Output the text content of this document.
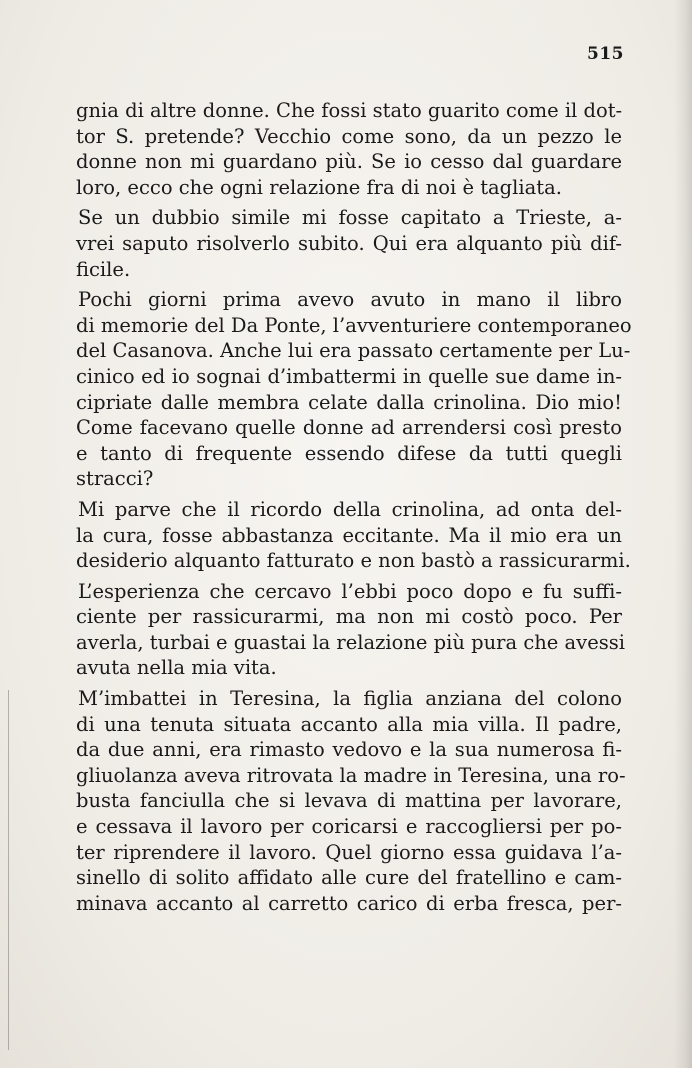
515
gnia di altre donne. Che fossi stato guarito come il dot-
tor S. pretende? Vecchio come sono, da un pezzo le
donne non mi guardano più. Se io cesso dal guardare
loro, ecco che ogni relazione fra di noi è tagliata.
Se un dubbio simile mi fosse capitato a Trieste, a-
vrei saputo risolverlo subito. Qui era alquanto più dif-
ficile.
Pochi giorni prima avevo avuto in mano il libro
di memorie del Da Ponte, l’avventuriere contemporaneo
del Casanova. Anche lui era passato certamente per Lu-
cinico ed io sognai d’imbattermi in quelle sue dame in-
cipriate dalle membra celate dalla crinolina. Dio mio!
Come facevano quelle donne ad arrendersi così presto
e tanto di frequente essendo difese da tutti quegli
stracci?
Mi parve che il ricordo della crinolina, ad onta del-
la cura, fosse abbastanza eccitante. Ma il mio era un
desiderio alquanto fatturato e non bastò a rassicurarmi.
L’esperienza che cercavo l’ebbi poco dopo e fu suffi-
ciente per rassicurarmi, ma non mi costò poco. Per
averla, turbai e guastai la relazione più pura che avessi
avuta nella mia vita.
M’imbattei in Teresina, la figlia anziana del colono
di una tenuta situata accanto alla mia villa. Il padre,
da due anni, era rimasto vedovo e la sua numerosa fi-
gliuolanza aveva ritrovata la madre in Teresina, una ro-
busta fanciulla che si levava di mattina per lavorare,
e cessava il lavoro per coricarsi e raccogliersi per po-
ter riprendere il lavoro. Quel giorno essa guidava l’a-
sinello di solito affidato alle cure del fratellino e cam-
minava accanto al carretto carico di erba fresca, per-
